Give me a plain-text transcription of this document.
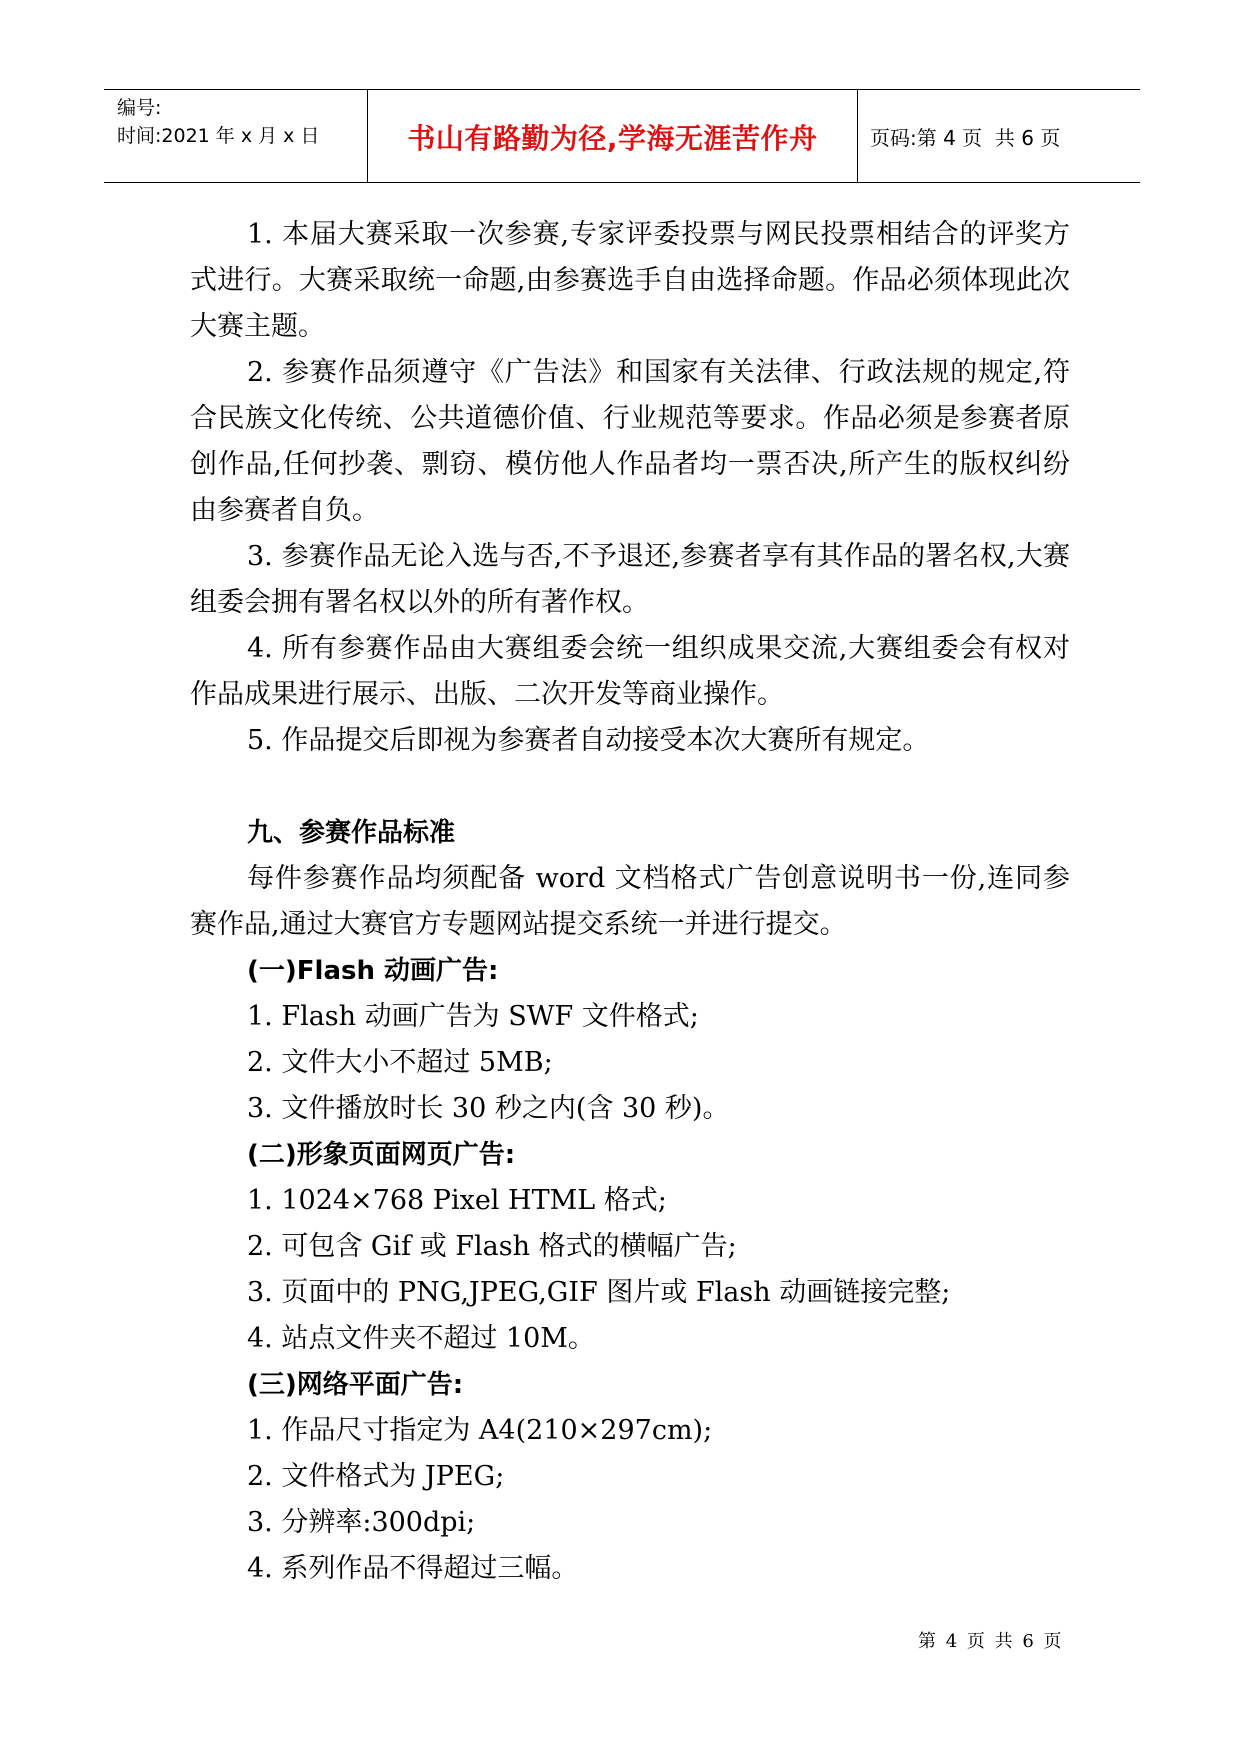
编号:
时间:2021 年 x 月 x 日	书山有路勤为径,学海无涯苦作舟	页码:第 4 页  共 6 页

1. 本届大赛采取一次参赛,专家评委投票与网民投票相结合的评奖方式进行。大赛采取统一命题,由参赛选手自由选择命题。作品必须体现此次大赛主题。

2. 参赛作品须遵守《广告法》和国家有关法律、行政法规的规定,符合民族文化传统、公共道德价值、行业规范等要求。作品必须是参赛者原创作品,任何抄袭、剽窃、模仿他人作品者均一票否决,所产生的版权纠纷由参赛者自负。

3. 参赛作品无论入选与否,不予退还,参赛者享有其作品的署名权,大赛组委会拥有署名权以外的所有著作权。

4. 所有参赛作品由大赛组委会统一组织成果交流,大赛组委会有权对作品成果进行展示、出版、二次开发等商业操作。

5. 作品提交后即视为参赛者自动接受本次大赛所有规定。

九、参赛作品标准

每件参赛作品均须配备 word 文档格式广告创意说明书一份,连同参赛作品,通过大赛官方专题网站提交系统一并进行提交。

(一)Flash 动画广告:

1. Flash 动画广告为 SWF 文件格式;

2. 文件大小不超过 5MB;

3. 文件播放时长 30 秒之内(含 30 秒)。

(二)形象页面网页广告:

1. 1024×768 Pixel HTML 格式;

2. 可包含 Gif 或 Flash 格式的横幅广告;

3. 页面中的 PNG,JPEG,GIF 图片或 Flash 动画链接完整;

4. 站点文件夹不超过 10M。

(三)网络平面广告:

1. 作品尺寸指定为 A4(210×297cm);

2. 文件格式为 JPEG;

3. 分辨率:300dpi;

4. 系列作品不得超过三幅。

第 4 页 共 6 页
